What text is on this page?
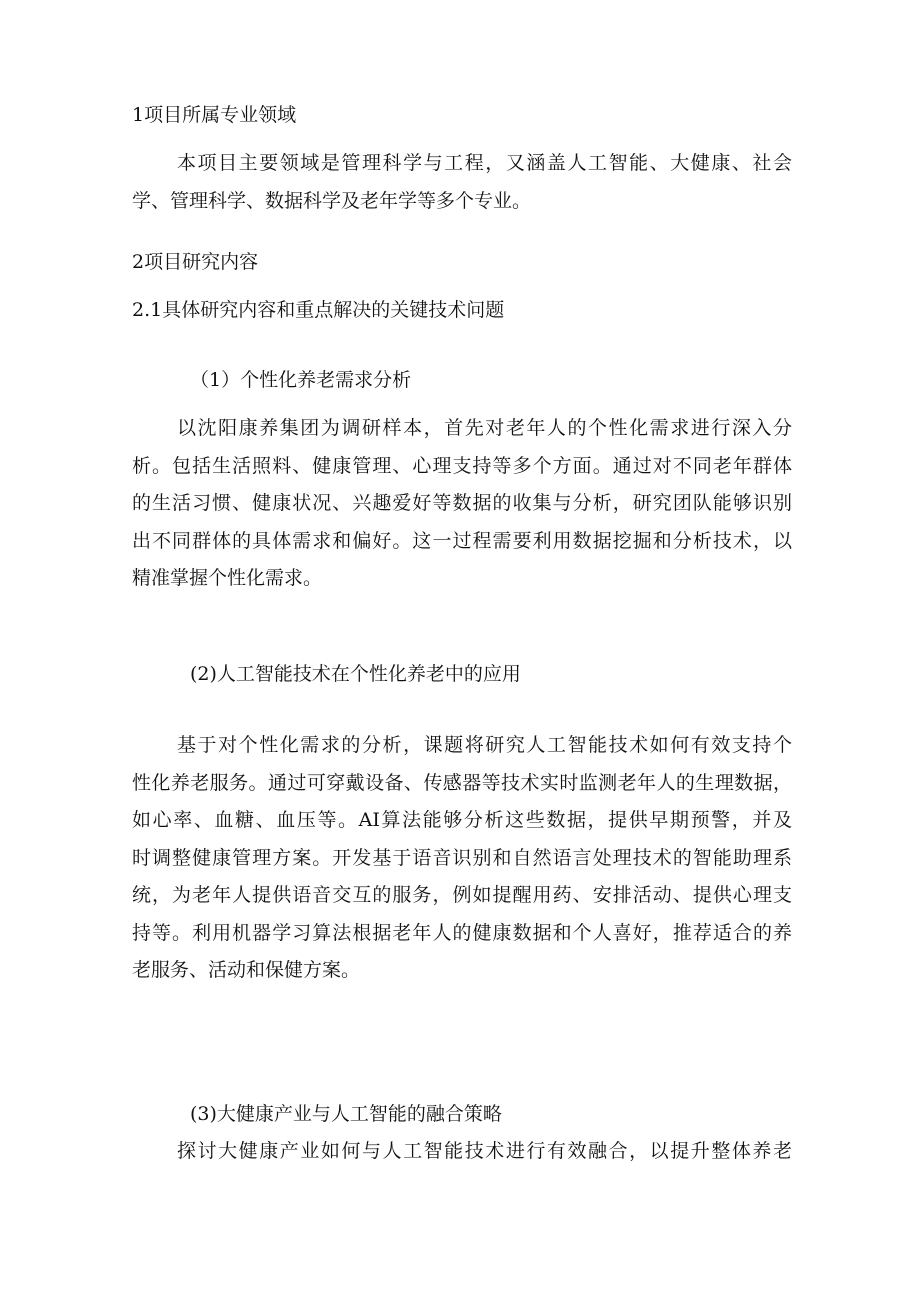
1项目所属专业领域
本项目主要领域是管理科学与工程，又涵盖人工智能、大健康、社会
学、管理科学、数据科学及老年学等多个专业。
2项目研究内容
2.1具体研究内容和重点解决的关键技术问题
（1）个性化养老需求分析
以沈阳康养集团为调研样本，首先对老年人的个性化需求进行深入分
析。包括生活照料、健康管理、心理支持等多个方面。通过对不同老年群体
的生活习惯、健康状况、兴趣爱好等数据的收集与分析，研究团队能够识别
出不同群体的具体需求和偏好。这一过程需要利用数据挖掘和分析技术，以
精准掌握个性化需求。
(2)人工智能技术在个性化养老中的应用
基于对个性化需求的分析，课题将研究人工智能技术如何有效支持个
性化养老服务。通过可穿戴设备、传感器等技术实时监测老年人的生理数据，
如心率、血糖、血压等。AI算法能够分析这些数据，提供早期预警，并及
时调整健康管理方案。开发基于语音识别和自然语言处理技术的智能助理系
统，为老年人提供语音交互的服务，例如提醒用药、安排活动、提供心理支
持等。利用机器学习算法根据老年人的健康数据和个人喜好，推荐适合的养
老服务、活动和保健方案。
(3)大健康产业与人工智能的融合策略
探讨大健康产业如何与人工智能技术进行有效融合，以提升整体养老
